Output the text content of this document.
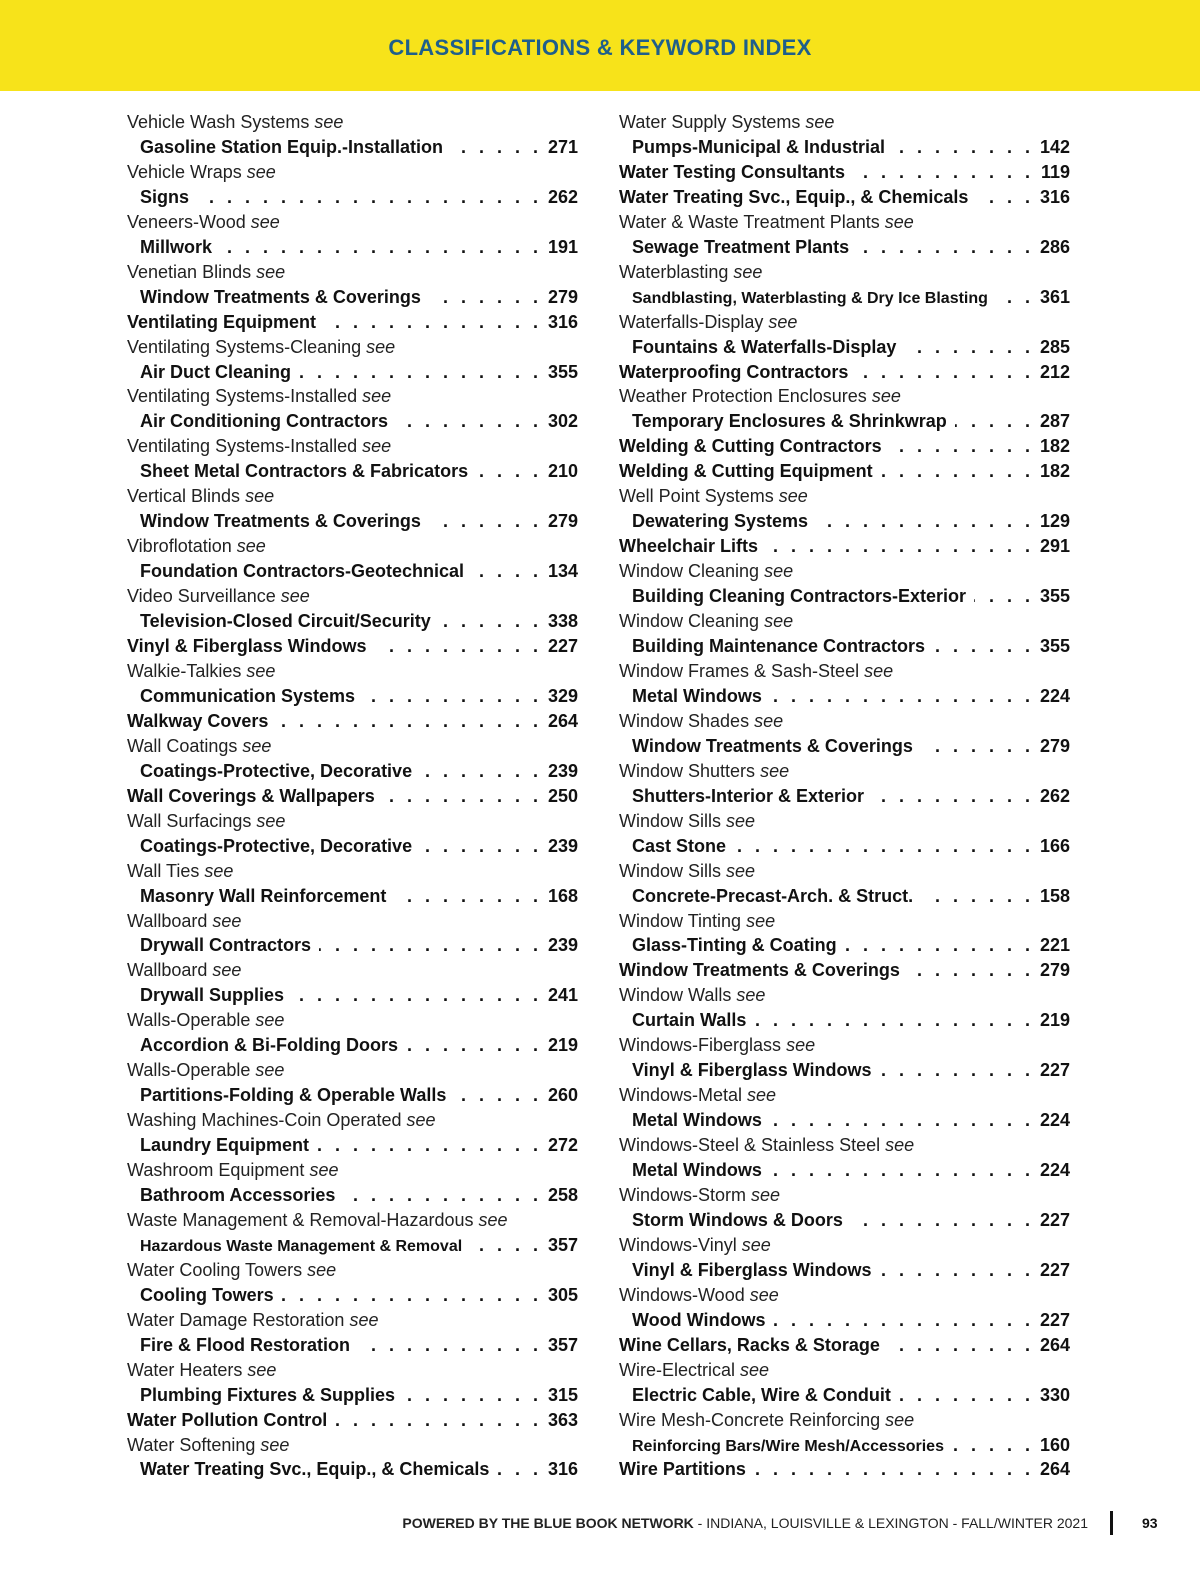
CLASSIFICATIONS & KEYWORD INDEX
Vehicle Wash Systems see
Gasoline Station Equip.-Installation . . .	271
Vehicle Wraps see
Signs . . .	262
Veneers-Wood see
Millwork . . .	191
Venetian Blinds see
Window Treatments & Coverings . . .	279
Ventilating Equipment . . .	316
Ventilating Systems-Cleaning see
Air Duct Cleaning . . .	355
Ventilating Systems-Installed see
Air Conditioning Contractors . . .	302
Ventilating Systems-Installed see
Sheet Metal Contractors & Fabricators . . .	210
Vertical Blinds see
Window Treatments & Coverings . . .	279
Vibroflotation see
Foundation Contractors-Geotechnical . . .	134
Video Surveillance see
Television-Closed Circuit/Security . . .	338
Vinyl & Fiberglass Windows . . .	227
Walkie-Talkies see
Communication Systems . . .	329
Walkway Covers . . .	264
Wall Coatings see
Coatings-Protective, Decorative . . .	239
Wall Coverings & Wallpapers . . .	250
Wall Surfacings see
Coatings-Protective, Decorative . . .	239
Wall Ties see
Masonry Wall Reinforcement . . .	168
Wallboard see
Drywall Contractors . . .	239
Wallboard see
Drywall Supplies . . .	241
Walls-Operable see
Accordion & Bi-Folding Doors . . .	219
Walls-Operable see
Partitions-Folding & Operable Walls . . .	260
Washing Machines-Coin Operated see
Laundry Equipment . . .	272
Washroom Equipment see
Bathroom Accessories . . .	258
Waste Management & Removal-Hazardous see
Hazardous Waste Management & Removal . . .	357
Water Cooling Towers see
Cooling Towers . . .	305
Water Damage Restoration see
Fire & Flood Restoration . . .	357
Water Heaters see
Plumbing Fixtures & Supplies . . .	315
Water Pollution Control . . .	363
Water Softening see
Water Treating Svc., Equip., & Chemicals . . .	316
Water Supply Systems see
Pumps-Municipal & Industrial . . .	142
Water Testing Consultants . . .	119
Water Treating Svc., Equip., & Chemicals . . .	316
Water & Waste Treatment Plants see
Sewage Treatment Plants . . .	286
Waterblasting see
Sandblasting, Waterblasting & Dry Ice Blasting . . .	361
Waterfalls-Display see
Fountains & Waterfalls-Display . . .	285
Waterproofing Contractors . . .	212
Weather Protection Enclosures see
Temporary Enclosures & Shrinkwrap . . .	287
Welding & Cutting Contractors . . .	182
Welding & Cutting Equipment . . .	182
Well Point Systems see
Dewatering Systems . . .	129
Wheelchair Lifts . . .	291
Window Cleaning see
Building Cleaning Contractors-Exterior . . .	355
Window Cleaning see
Building Maintenance Contractors . . .	355
Window Frames & Sash-Steel see
Metal Windows . . .	224
Window Shades see
Window Treatments & Coverings . . .	279
Window Shutters see
Shutters-Interior & Exterior . . .	262
Window Sills see
Cast Stone . . .	166
Window Sills see
Concrete-Precast-Arch. & Struct. . . .	158
Window Tinting see
Glass-Tinting & Coating . . .	221
Window Treatments & Coverings . . .	279
Window Walls see
Curtain Walls . . .	219
Windows-Fiberglass see
Vinyl & Fiberglass Windows . . .	227
Windows-Metal see
Metal Windows . . .	224
Windows-Steel & Stainless Steel see
Metal Windows . . .	224
Windows-Storm see
Storm Windows & Doors . . .	227
Windows-Vinyl see
Vinyl & Fiberglass Windows . . .	227
Windows-Wood see
Wood Windows . . .	227
Wine Cellars, Racks & Storage . . .	264
Wire-Electrical see
Electric Cable, Wire & Conduit . . .	330
Wire Mesh-Concrete Reinforcing see
Reinforcing Bars/Wire Mesh/Accessories . . .	160
Wire Partitions . . .	264
POWERED BY THE BLUE BOOK NETWORK - INDIANA, LOUISVILLE & LEXINGTON - FALL/WINTER 2021	93
